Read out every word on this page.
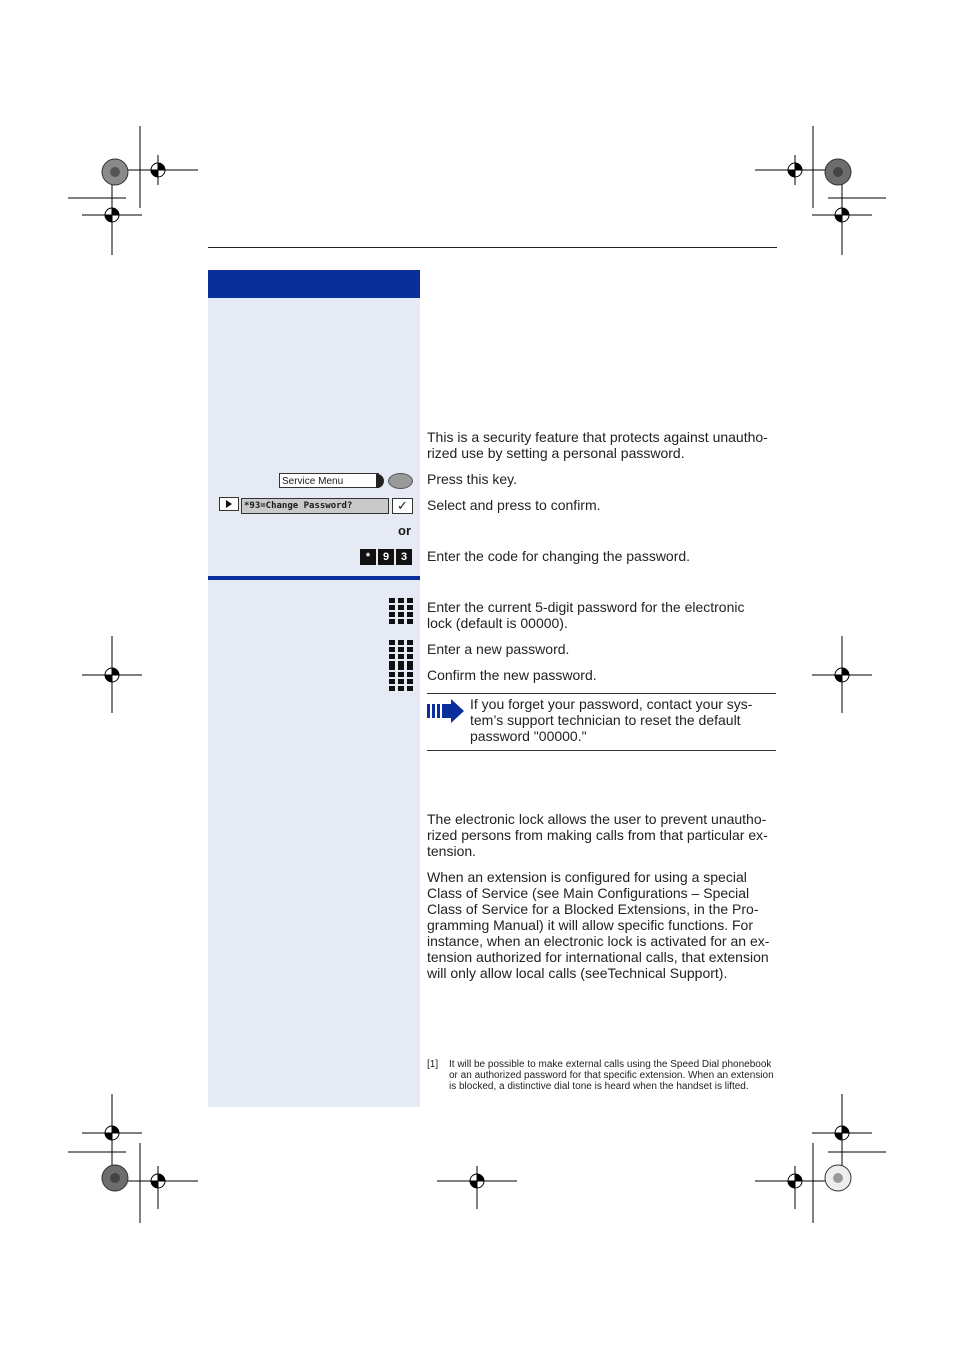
This is a security feature that protects against unautho-rized use by setting a personal password.
Service Menu	Press this key.
*93=Change Password?	✓	Select and press to confirm.
or
*	9	3	Enter the code for changing the password.
Enter the current 5-digit password for the electronic lock (default is 00000).
Enter a new password.
Confirm the new password.
If you forget your password, contact your sys-tem’s support technician to reset the default password "00000."
The electronic lock allows the user to prevent unautho-rized persons from making calls from that particular ex-tension.
When an extension is configured for using a special Class of Service (see Main Configurations – Special Class of Service for a Blocked Extensions, in the Pro-gramming Manual) it will allow specific functions. For instance, when an electronic lock is activated for an ex-tension authorized for international calls, that extension will only allow local calls (seeTechnical Support).
[1] It will be possible to make external calls using the Speed Dial phonebook or an authorized password for that specific extension. When an extension is blocked, a distinctive dial tone is heard when the handset is lifted.
